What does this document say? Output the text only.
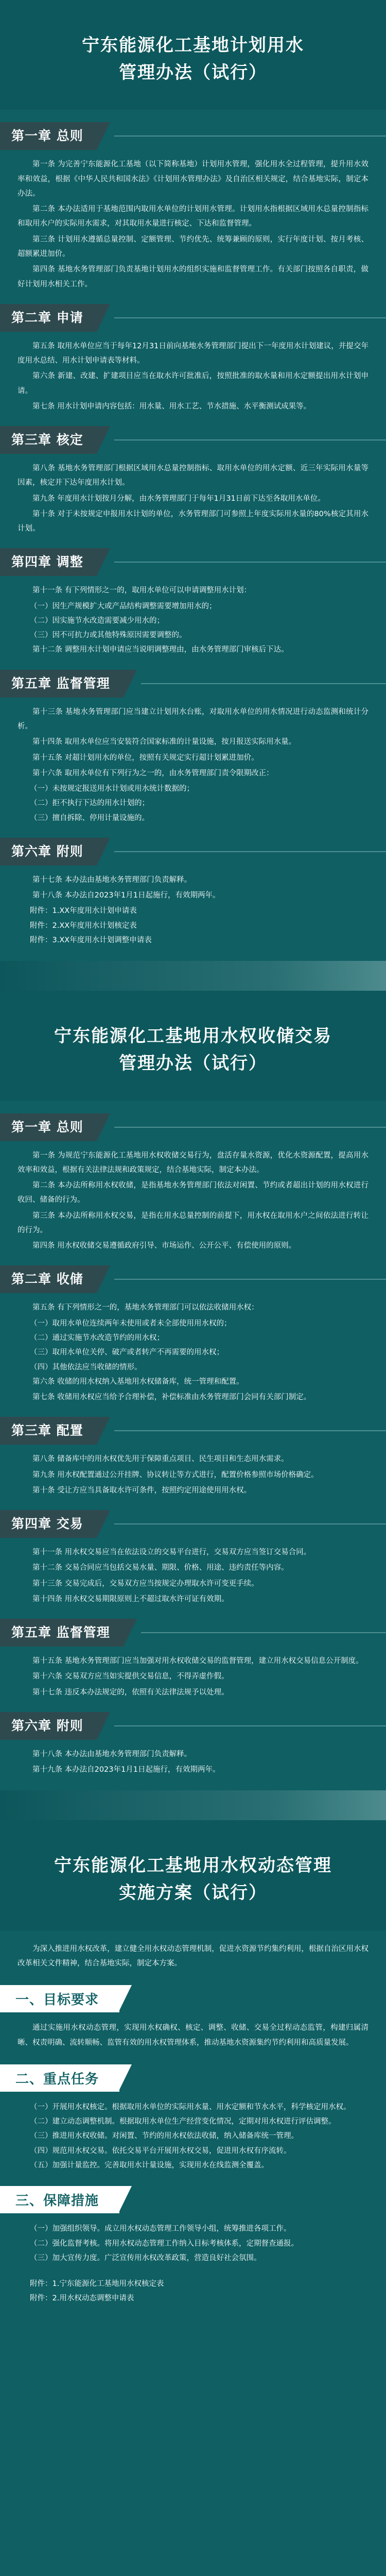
宁东能源化工基地计划用水
管理办法（试行）
第一章 总则

第一条 为完善宁东能源化工基地（以下简称基地）计划用水管理，强化用水全过程管理，提升用水效率和效益，根据《中华人民共和国水法》《计划用水管理办法》及自治区相关规定，结合基地实际，制定本办法。

第二条 本办法适用于基地范围内取用水单位的计划用水管理。计划用水指根据区域用水总量控制指标和取用水户的实际用水需求，对其取用水量进行核定、下达和监督管理。

第三条 计划用水遵循总量控制、定额管理、节约优先、统筹兼顾的原则，实行年度计划、按月考核、超额累进加价。

第四条 基地水务管理部门负责基地计划用水的组织实施和监督管理工作。有关部门按照各自职责，做好计划用水相关工作。

第二章 申请

第五条 取用水单位应当于每年12月31日前向基地水务管理部门提出下一年度用水计划建议，并提交年度用水总结、用水计划申请表等材料。

第六条 新建、改建、扩建项目应当在取水许可批准后，按照批准的取水量和用水定额提出用水计划申请。

第七条 用水计划申请内容包括：用水量、用水工艺、节水措施、水平衡测试成果等。

第三章 核定

第八条 基地水务管理部门根据区域用水总量控制指标、取用水单位的用水定额、近三年实际用水量等因素，核定并下达年度用水计划。

第九条 年度用水计划按月分解，由水务管理部门于每年1月31日前下达至各取用水单位。

第十条 对于未按规定申报用水计划的单位，水务管理部门可参照上年度实际用水量的80%核定其用水计划。

第四章 调整

第十一条 有下列情形之一的，取用水单位可以申请调整用水计划：

（一）因生产规模扩大或产品结构调整需要增加用水的；

（二）因实施节水改造需要减少用水的；

（三）因不可抗力或其他特殊原因需要调整的。

第十二条 调整用水计划申请应当说明调整理由，由水务管理部门审核后下达。

第五章 监督管理

第十三条 基地水务管理部门应当建立计划用水台账，对取用水单位的用水情况进行动态监测和统计分析。

第十四条 取用水单位应当安装符合国家标准的计量设施，按月报送实际用水量。

第十五条 对超计划用水的单位，按照有关规定实行超计划累进加价。

第十六条 取用水单位有下列行为之一的，由水务管理部门责令限期改正：

（一）未按规定报送用水计划或用水统计数据的；

（二）拒不执行下达的用水计划的；

（三）擅自拆除、停用计量设施的。

第六章 附则

第十七条 本办法由基地水务管理部门负责解释。

第十八条 本办法自2023年1月1日起施行，有效期两年。

附件：1.XX年度用水计划申请表

附件：2.XX年度用水计划核定表

附件：3.XX年度用水计划调整申请表

宁东能源化工基地用水权收储交易
管理办法（试行）
第一章 总则

第一条 为规范宁东能源化工基地用水权收储交易行为，盘活存量水资源，优化水资源配置，提高用水效率和效益，根据有关法律法规和政策规定，结合基地实际，制定本办法。

第二条 本办法所称用水权收储，是指基地水务管理部门依法对闲置、节约或者超出计划的用水权进行收回、储备的行为。

第三条 本办法所称用水权交易，是指在用水总量控制的前提下，用水权在取用水户之间依法进行转让的行为。

第四条 用水权收储交易遵循政府引导、市场运作、公开公平、有偿使用的原则。

第二章 收储

第五条 有下列情形之一的，基地水务管理部门可以依法收储用水权：

（一）取用水单位连续两年未使用或者未全部使用用水权的；

（二）通过实施节水改造节约的用水权；

（三）取用水单位关停、破产或者转产不再需要的用水权；

（四）其他依法应当收储的情形。

第六条 收储的用水权纳入基地用水权储备库，统一管理和配置。

第七条 收储用水权应当给予合理补偿，补偿标准由水务管理部门会同有关部门制定。

第三章 配置

第八条 储备库中的用水权优先用于保障重点项目、民生项目和生态用水需求。

第九条 用水权配置通过公开挂牌、协议转让等方式进行，配置价格参照市场价格确定。

第十条 受让方应当具备取水许可条件，按照约定用途使用用水权。

第四章 交易

第十一条 用水权交易应当在依法设立的交易平台进行，交易双方应当签订交易合同。

第十二条 交易合同应当包括交易水量、期限、价格、用途、违约责任等内容。

第十三条 交易完成后，交易双方应当按规定办理取水许可变更手续。

第十四条 用水权交易期限原则上不超过取水许可证有效期。

第五章 监督管理

第十五条 基地水务管理部门应当加强对用水权收储交易的监督管理，建立用水权交易信息公开制度。

第十六条 交易双方应当如实提供交易信息，不得弄虚作假。

第十七条 违反本办法规定的，依照有关法律法规予以处理。

第六章 附则

第十八条 本办法由基地水务管理部门负责解释。

第十九条 本办法自2023年1月1日起施行，有效期两年。

宁东能源化工基地用水权动态管理
实施方案（试行）

为深入推进用水权改革，建立健全用水权动态管理机制，促进水资源节约集约利用，根据自治区用水权改革相关文件精神，结合基地实际，制定本方案。

一、目标要求

通过实施用水权动态管理，实现用水权确权、核定、调整、收储、交易全过程动态监管，构建归属清晰、权责明确、流转顺畅、监管有效的用水权管理体系，推动基地水资源集约节约利用和高质量发展。

二、重点任务

（一）开展用水权核定。根据取用水单位的实际用水量、用水定额和节水水平，科学核定用水权。

（二）建立动态调整机制。根据取用水单位生产经营变化情况，定期对用水权进行评估调整。

（三）推进用水权收储。对闲置、节约的用水权依法收储，纳入储备库统一管理。

（四）规范用水权交易。依托交易平台开展用水权交易，促进用水权有序流转。

（五）加强计量监控。完善取用水计量设施，实现用水在线监测全覆盖。

三、保障措施

（一）加强组织领导。成立用水权动态管理工作领导小组，统筹推进各项工作。

（二）强化监督考核。将用水权动态管理工作纳入目标考核体系，定期督查通报。

（三）加大宣传力度。广泛宣传用水权改革政策，营造良好社会氛围。

附件：1.宁东能源化工基地用水权核定表

附件：2.用水权动态调整申请表
